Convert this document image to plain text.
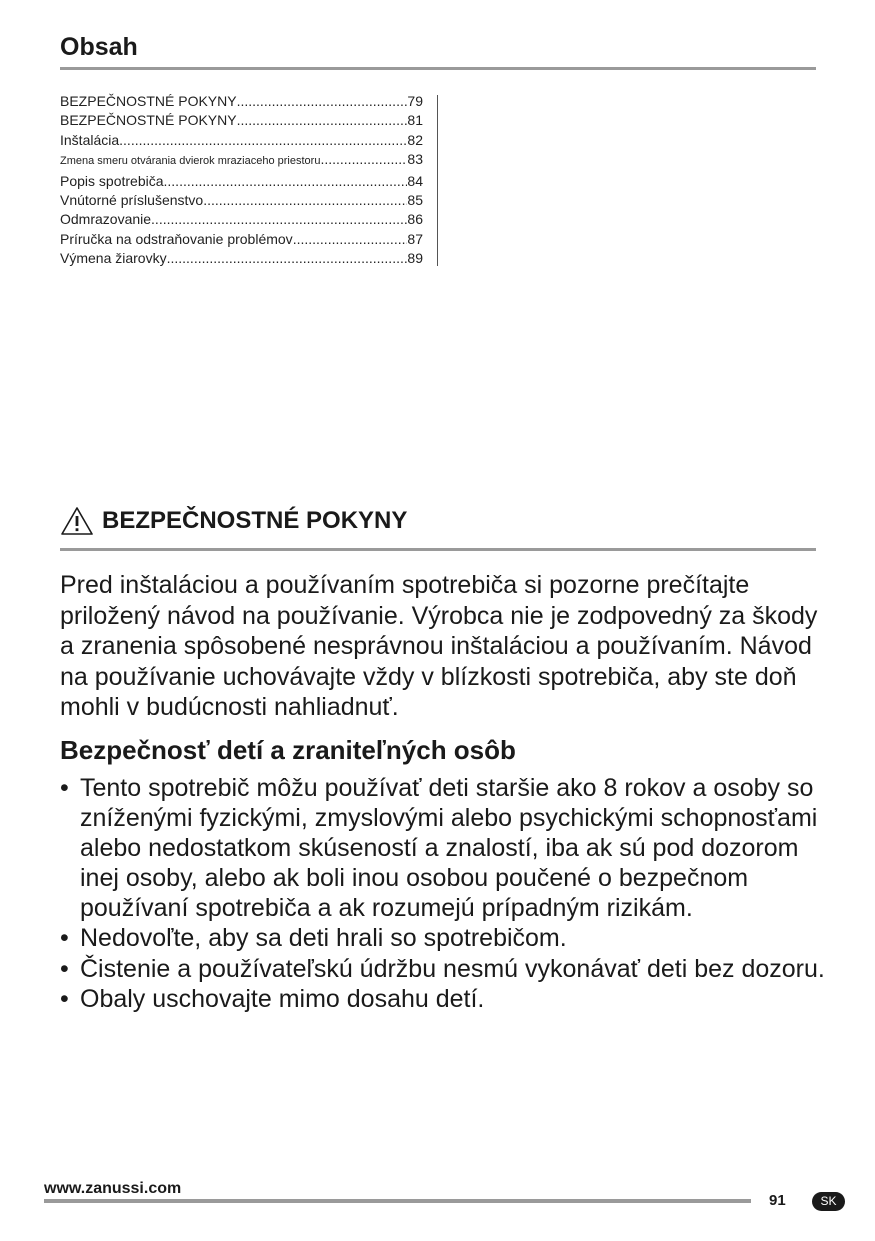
Obsah
BEZPEČNOSTNÉ POKYNY .....	79
BEZPEČNOSTNÉ POKYNY .....	81
Inštalácia .....	82
Zmena smeru otvárania dvierok mraziaceho priestoru .....	83
Popis spotrebiča .....	84
Vnútorné príslušenstvo .....	85
Odmrazovanie .....	86
Príručka na odstraňovanie problémov .....	87
Výmena žiarovky .....	89
BEZPEČNOSTNÉ POKYNY
Pred inštaláciou a používaním spotrebiča si pozorne prečítajte priložený návod na používanie. Výrobca nie je zodpovedný za škody a zranenia spôsobené nesprávnou inštaláciou a používaním. Návod na používanie uchovávajte vždy v blízkosti spotrebiča, aby ste doň mohli v budúcnosti nahliadnuť.
Bezpečnosť detí a zraniteľných osôb
• Tento spotrebič môžu používať deti staršie ako 8 rokov a osoby so zníženými fyzickými, zmyslovými alebo psychickými schopnosťami alebo nedostatkom skúseností a znalostí, iba ak sú pod dozorom inej osoby, alebo ak boli inou osobou poučené o bezpečnom používaní spotrebiča a ak rozumejú prípadným rizikám.
• Nedovoľte, aby sa deti hrali so spotrebičom.
• Čistenie a používateľskú údržbu nesmú vykonávať deti bez dozoru.
• Obaly uschovajte mimo dosahu detí.
www.zanussi.com
91	SK
